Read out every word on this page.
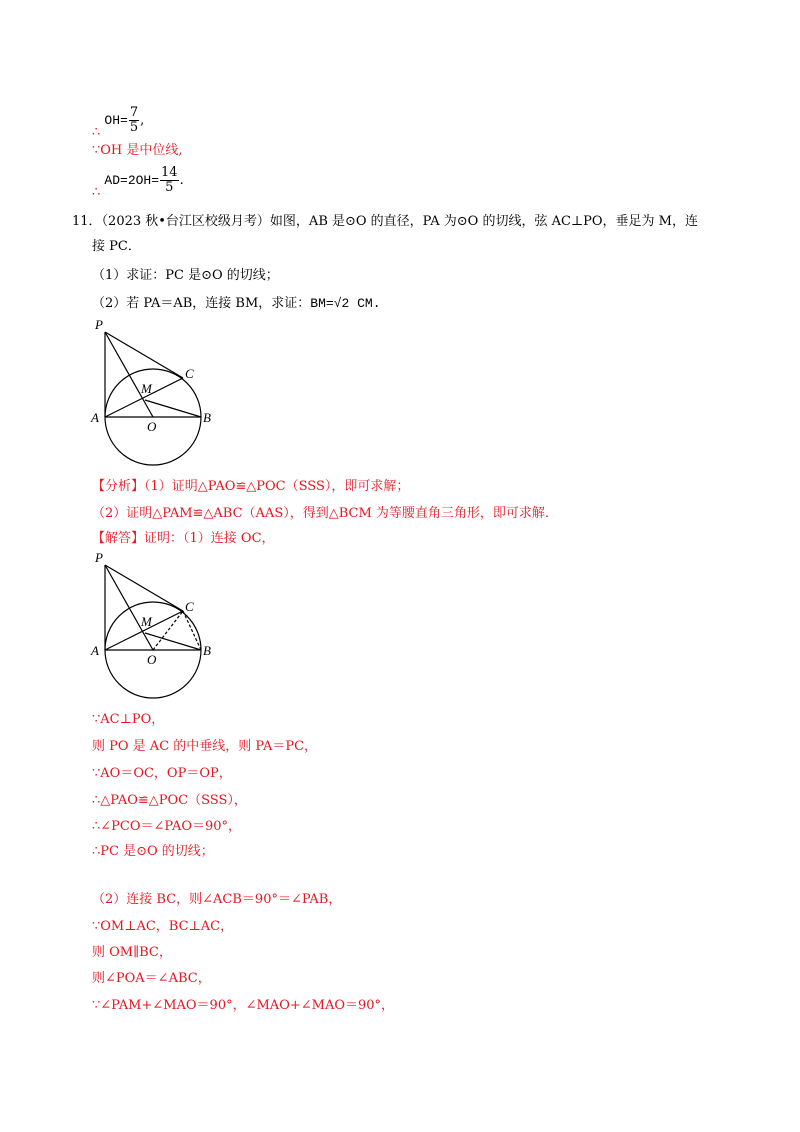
∴ $OH= \frac{7}{5}$ ,
∵OH 是中位线,
∴ $AD=2OH= \frac{14}{5}$ .
11．（2023 秋•台江区校级月考）如图，AB 是⊙O 的直径，PA 为⊙O 的切线，弦 AC⊥PO，垂足为 M，连
接 PC．
（1）求证：PC 是⊙O 的切线；
（2）若 PA＝AB，连接 BM，求证：BM=√2 CM.
P
C
M
A	B
O
【分析】（1）证明△PAO≌△POC（SSS），即可求解；
（2）证明△PAM≌△ABC（AAS），得到△BCM 为等腰直角三角形，即可求解．
【解答】证明：（1）连接 OC，
P
C
M
A	B
O
∵AC⊥PO，
则 PO 是 AC 的中垂线，则 PA＝PC，
∵AO＝OC，OP＝OP，
∴△PAO≌△POC（SSS），
∴∠PCO＝∠PAO＝90°，
∴PC 是⊙O 的切线；
（2）连接 BC，则∠ACB＝90°＝∠PAB，
∵OM⊥AC，BC⊥AC，
则 OM∥BC，
则∠POA＝∠ABC，
∵∠PAM+∠MAO＝90°，∠MAO+∠MAO＝90°，
